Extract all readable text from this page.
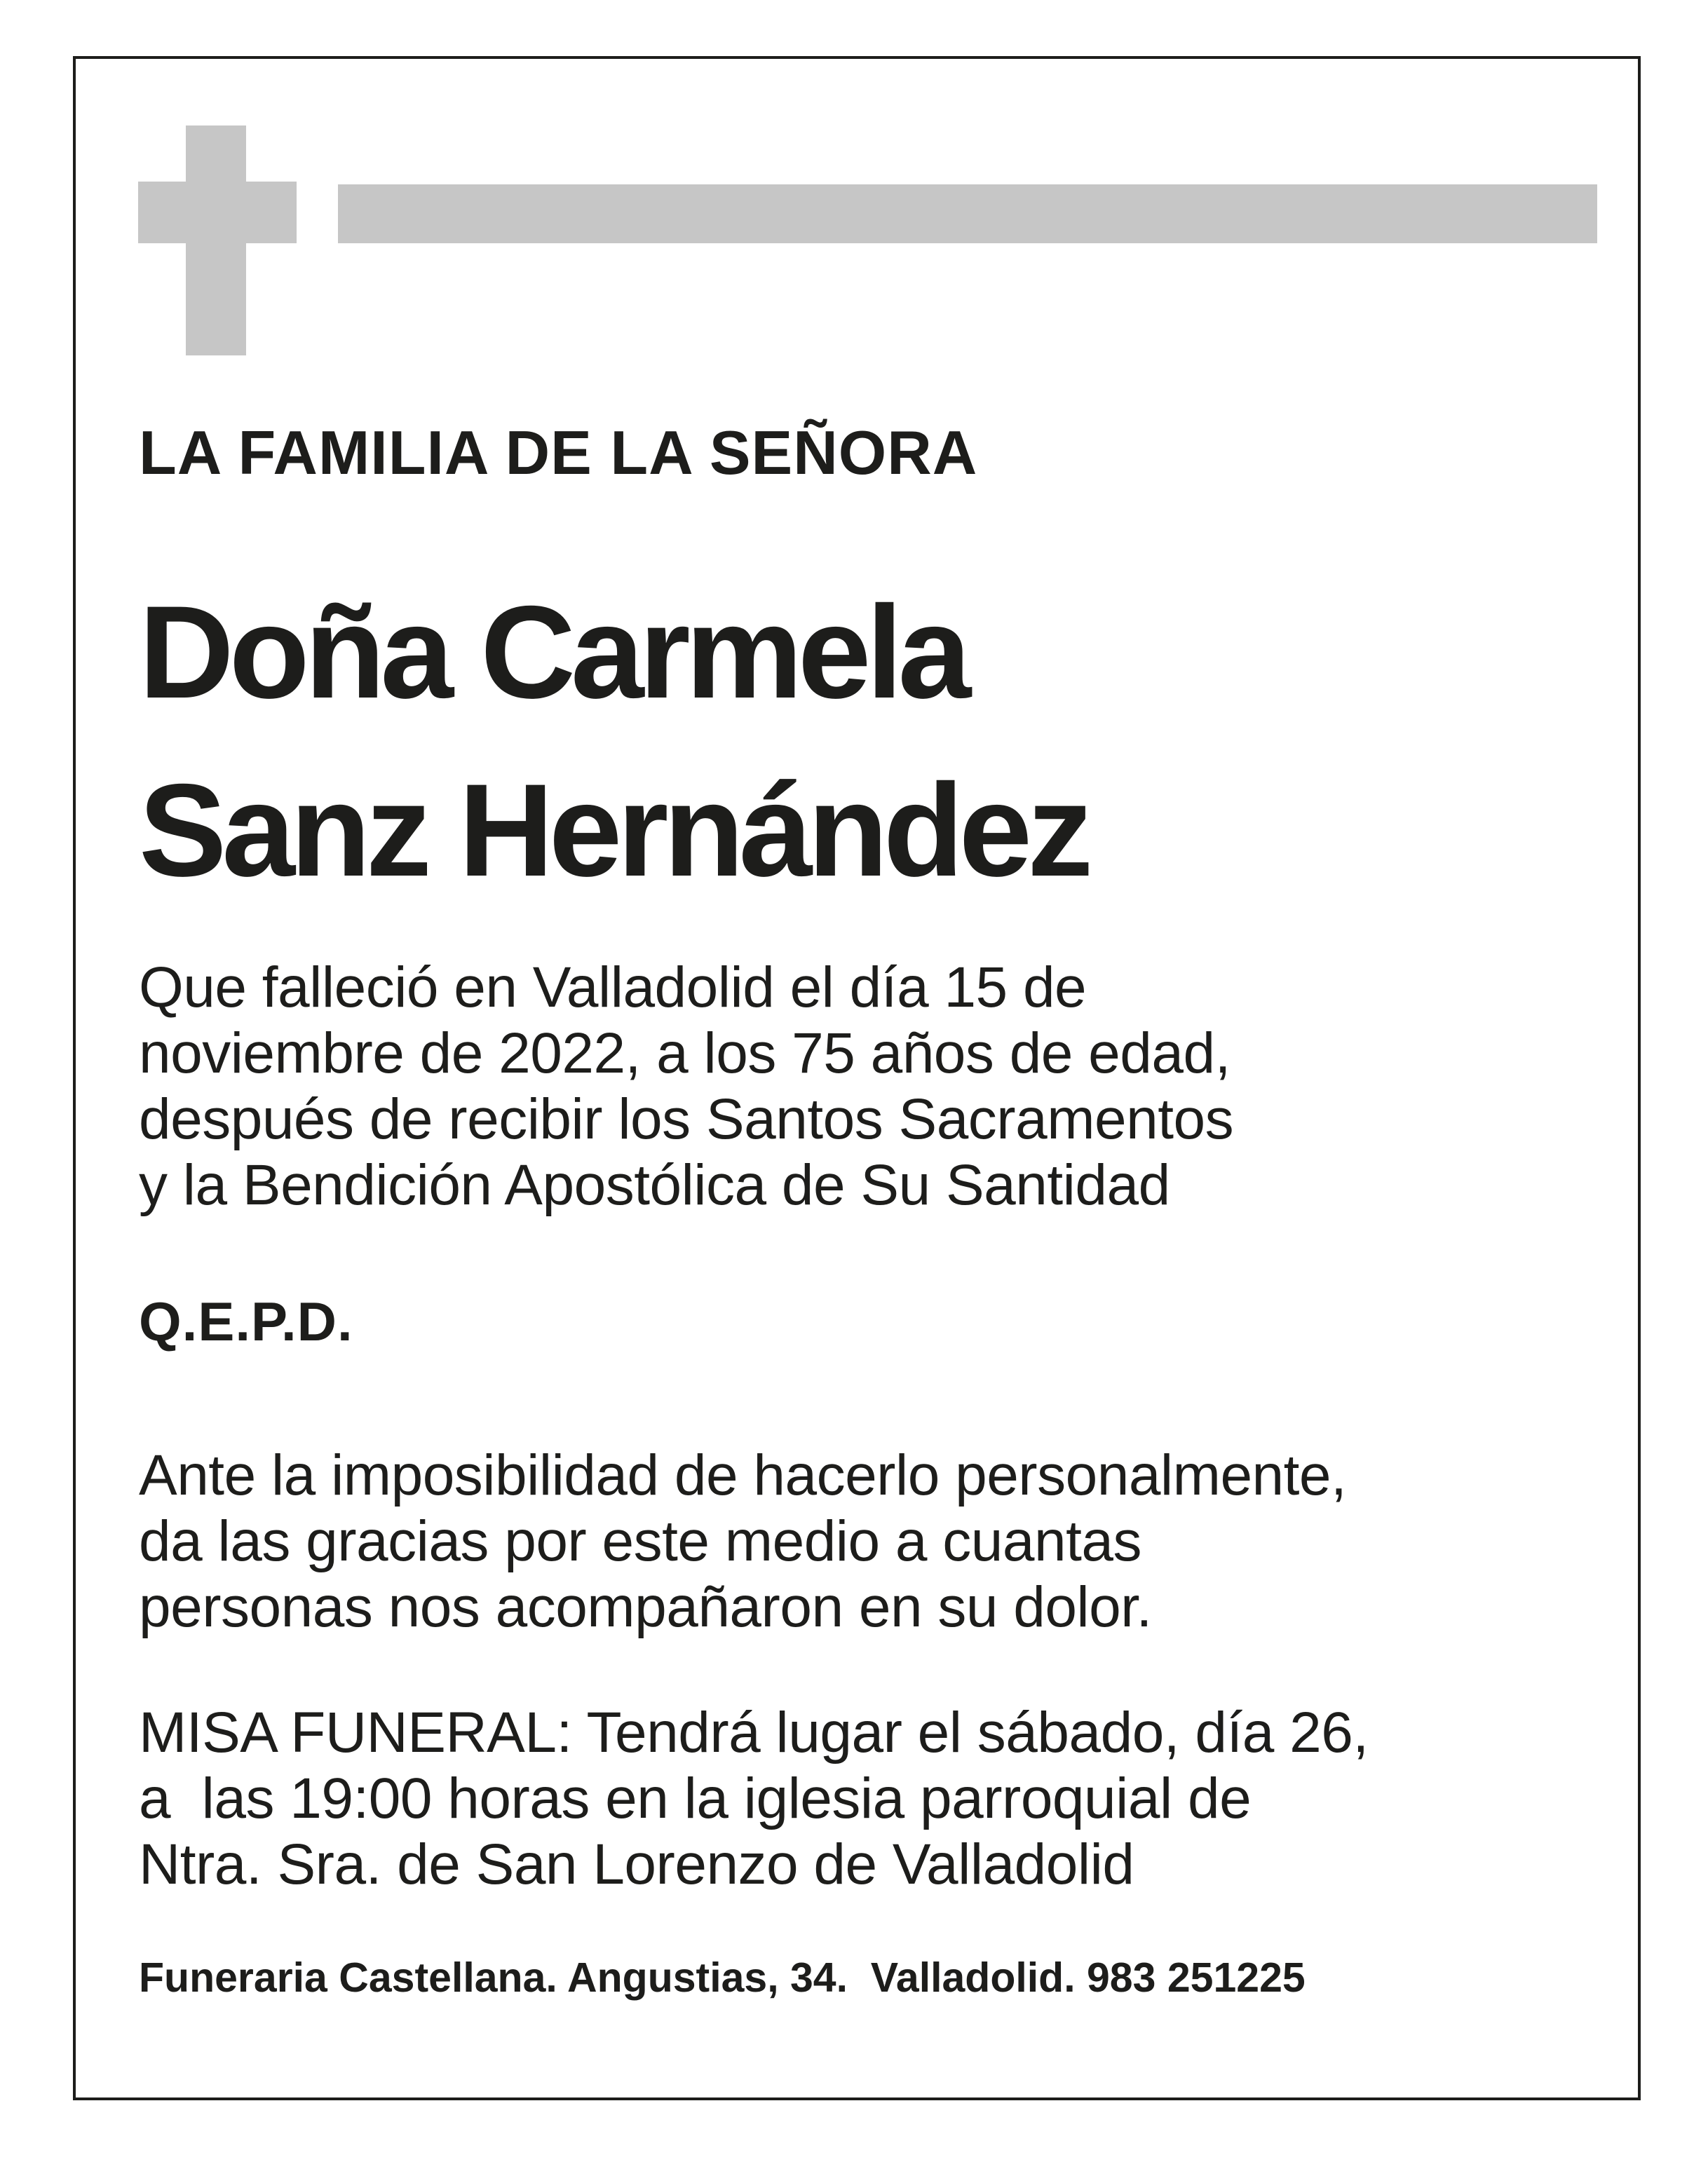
LA FAMILIA DE LA SEÑORA

Doña Carmela

Sanz Hernández

Que falleció en Valladolid el día 15 de
noviembre de 2022, a los 75 años de edad,
después de recibir los Santos Sacramentos
y la Bendición Apostólica de Su Santidad

Q.E.P.D.

Ante la imposibilidad de hacerlo personalmente,
da las gracias por este medio a cuantas
personas nos acompañaron en su dolor.
MISA FUNERAL: Tendrá lugar el sábado, día 26,
a  las 19:00 horas en la iglesia parroquial de
Ntra. Sra. de San Lorenzo de Valladolid

Funeraria Castellana. Angustias, 34.  Valladolid. 983 251225
